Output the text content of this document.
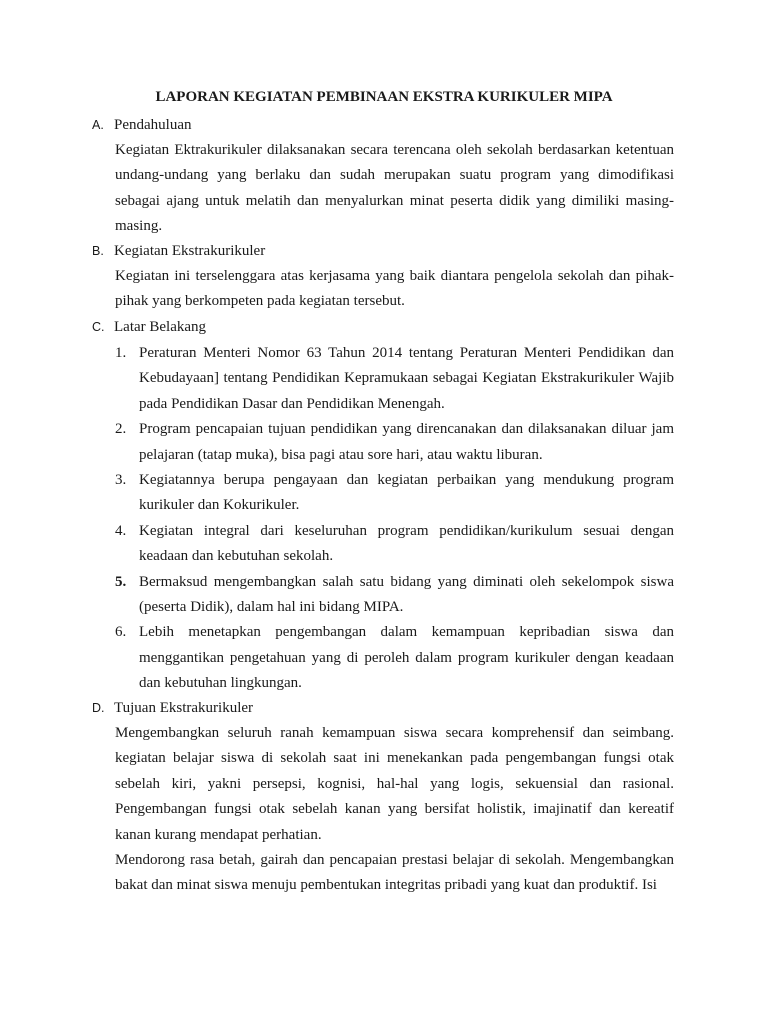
LAPORAN KEGIATAN PEMBINAAN EKSTRA KURIKULER MIPA
A. Pendahuluan

Kegiatan Ektrakurikuler dilaksanakan secara terencana oleh sekolah berdasarkan ketentuan undang-undang yang berlaku dan sudah merupakan suatu program yang dimodifikasi sebagai ajang untuk melatih dan menyalurkan minat peserta didik yang dimiliki masing-masing.

B. Kegiatan Ekstrakurikuler

Kegiatan ini terselenggara atas kerjasama yang baik diantara pengelola sekolah dan pihak-pihak yang berkompeten pada kegiatan tersebut.

C. Latar Belakang
1. Peraturan Menteri Nomor 63 Tahun 2014 tentang Peraturan Menteri Pendidikan dan Kebudayaan] tentang Pendidikan Kepramukaan sebagai Kegiatan Ekstrakurikuler Wajib pada Pendidikan Dasar dan Pendidikan Menengah.
2. Program pencapaian tujuan pendidikan yang direncanakan dan dilaksanakan diluar jam pelajaran (tatap muka), bisa pagi atau sore hari, atau waktu liburan.
3. Kegiatannya berupa pengayaan dan kegiatan perbaikan yang mendukung program kurikuler dan Kokurikuler.
4. Kegiatan integral dari keseluruhan program pendidikan/kurikulum sesuai dengan keadaan dan kebutuhan sekolah.
5. Bermaksud mengembangkan salah satu bidang yang diminati oleh sekelompok siswa (peserta Didik), dalam hal ini bidang MIPA.
6. Lebih menetapkan pengembangan dalam kemampuan kepribadian siswa dan menggantikan pengetahuan yang di peroleh dalam program kurikuler dengan keadaan dan kebutuhan lingkungan.
D. Tujuan Ekstrakurikuler

Mengembangkan seluruh ranah kemampuan siswa secara komprehensif dan seimbang. kegiatan belajar siswa di sekolah saat ini menekankan pada pengembangan fungsi otak sebelah kiri, yakni persepsi, kognisi, hal-hal yang logis, sekuensial dan rasional. Pengembangan fungsi otak sebelah kanan yang bersifat holistik, imajinatif dan kereatif kanan kurang mendapat perhatian.

Mendorong rasa betah, gairah dan pencapaian prestasi belajar di sekolah. Mengembangkan bakat dan minat siswa menuju pembentukan integritas pribadi yang kuat dan produktif. Isi
